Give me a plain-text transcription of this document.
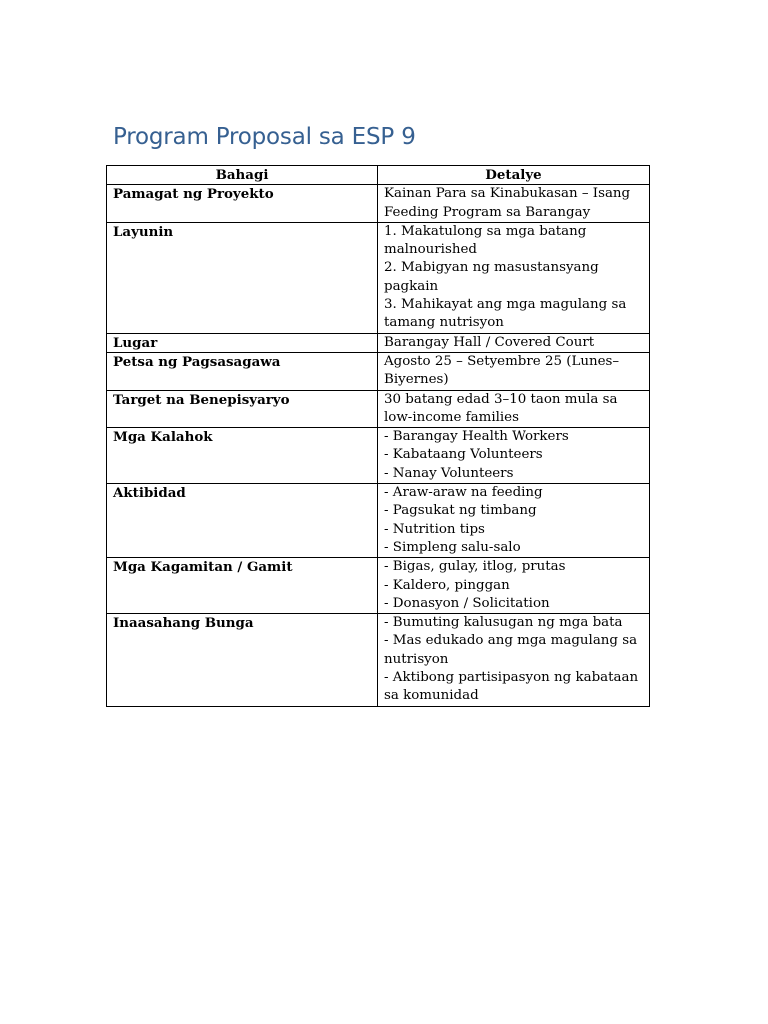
Program Proposal sa ESP 9
Bahagi	Detalye
Pamagat ng Proyekto	Kainan Para sa Kinabukasan – Isang Feeding Program sa Barangay

Layunin	1. Makatulong sa mga batang malnourished
2. Mabigyan ng masustansyang pagkain
3. Mahikayat ang mga magulang sa tamang nutrisyon

Lugar	Barangay Hall / Covered Court

Petsa ng Pagsasagawa	Agosto 25 – Setyembre 25 (Lunes–Biyernes)

Target na Benepisyaryo	30 batang edad 3–10 taon mula sa low-income families

Mga Kalahok	- Barangay Health Workers
- Kabataang Volunteers
- Nanay Volunteers

Aktibidad	- Araw-araw na feeding
- Pagsukat ng timbang
- Nutrition tips
- Simpleng salu-salo

Mga Kagamitan / Gamit	- Bigas, gulay, itlog, prutas
- Kaldero, pinggan
- Donasyon / Solicitation

Inaasahang Bunga	- Bumuting kalusugan ng mga bata
- Mas edukado ang mga magulang sa nutrisyon
- Aktibong partisipasyon ng kabataan sa komunidad
